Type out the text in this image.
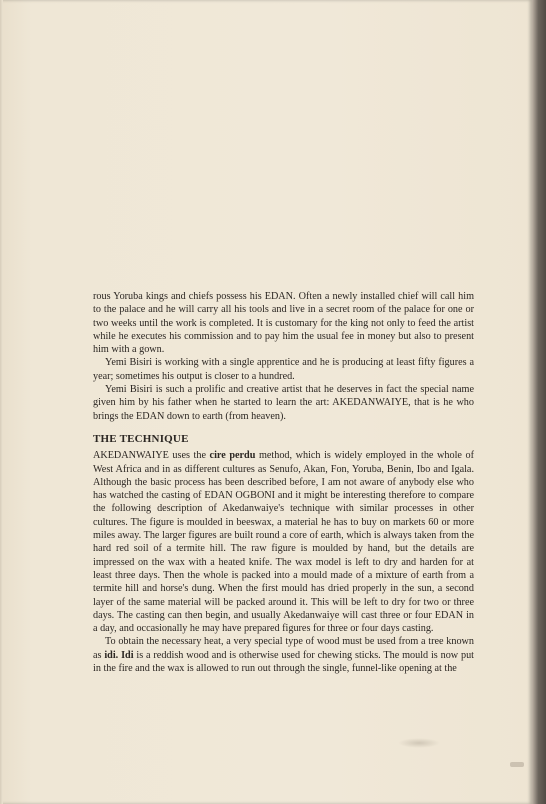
rous Yoruba kings and chiefs possess his EDAN. Often a newly installed chief will call him to the palace and he will carry all his tools and live in a secret room of the palace for one or two weeks until the work is completed. It is customary for the king not only to feed the artist while he executes his commission and to pay him the usual fee in money but also to present him with a gown.

Yemi Bisiri is working with a single apprentice and he is producing at least fifty figures a year; sometimes his output is closer to a hundred.

Yemi Bisiri is such a prolific and creative artist that he deserves in fact the special name given him by his father when he started to learn the art: AKEDANWAIYE, that is he who brings the EDAN down to earth (from heaven).

THE TECHNIQUE

AKEDANWAIYE uses the cire perdu method, which is widely employed in the whole of West Africa and in as different cultures as Senufo, Akan, Fon, Yoruba, Benin, Ibo and Igala. Although the basic process has been described before, I am not aware of anybody else who has watched the casting of EDAN OGBONI and it might be interesting therefore to compare the following description of Akedanwaiye's technique with similar processes in other cultures. The figure is moulded in beeswax, a material he has to buy on markets 60 or more miles away. The larger figures are built round a core of earth, which is always taken from the hard red soil of a termite hill. The raw figure is moulded by hand, but the details are impressed on the wax with a heated knife. The wax model is left to dry and harden for at least three days. Then the whole is packed into a mould made of a mixture of earth from a termite hill and horse's dung. When the first mould has dried properly in the sun, a second layer of the same material will be packed around it. This will be left to dry for two or three days. The casting can then begin, and usually Akedanwaiye will cast three or four EDAN in a day, and occasionally he may have prepared figures for three or four days casting.

To obtain the necessary heat, a very special type of wood must be used from a tree known as idi. Idi is a reddish wood and is otherwise used for chewing sticks. The mould is now put in the fire and the wax is allowed to run out through the single, funnel-like opening at the
